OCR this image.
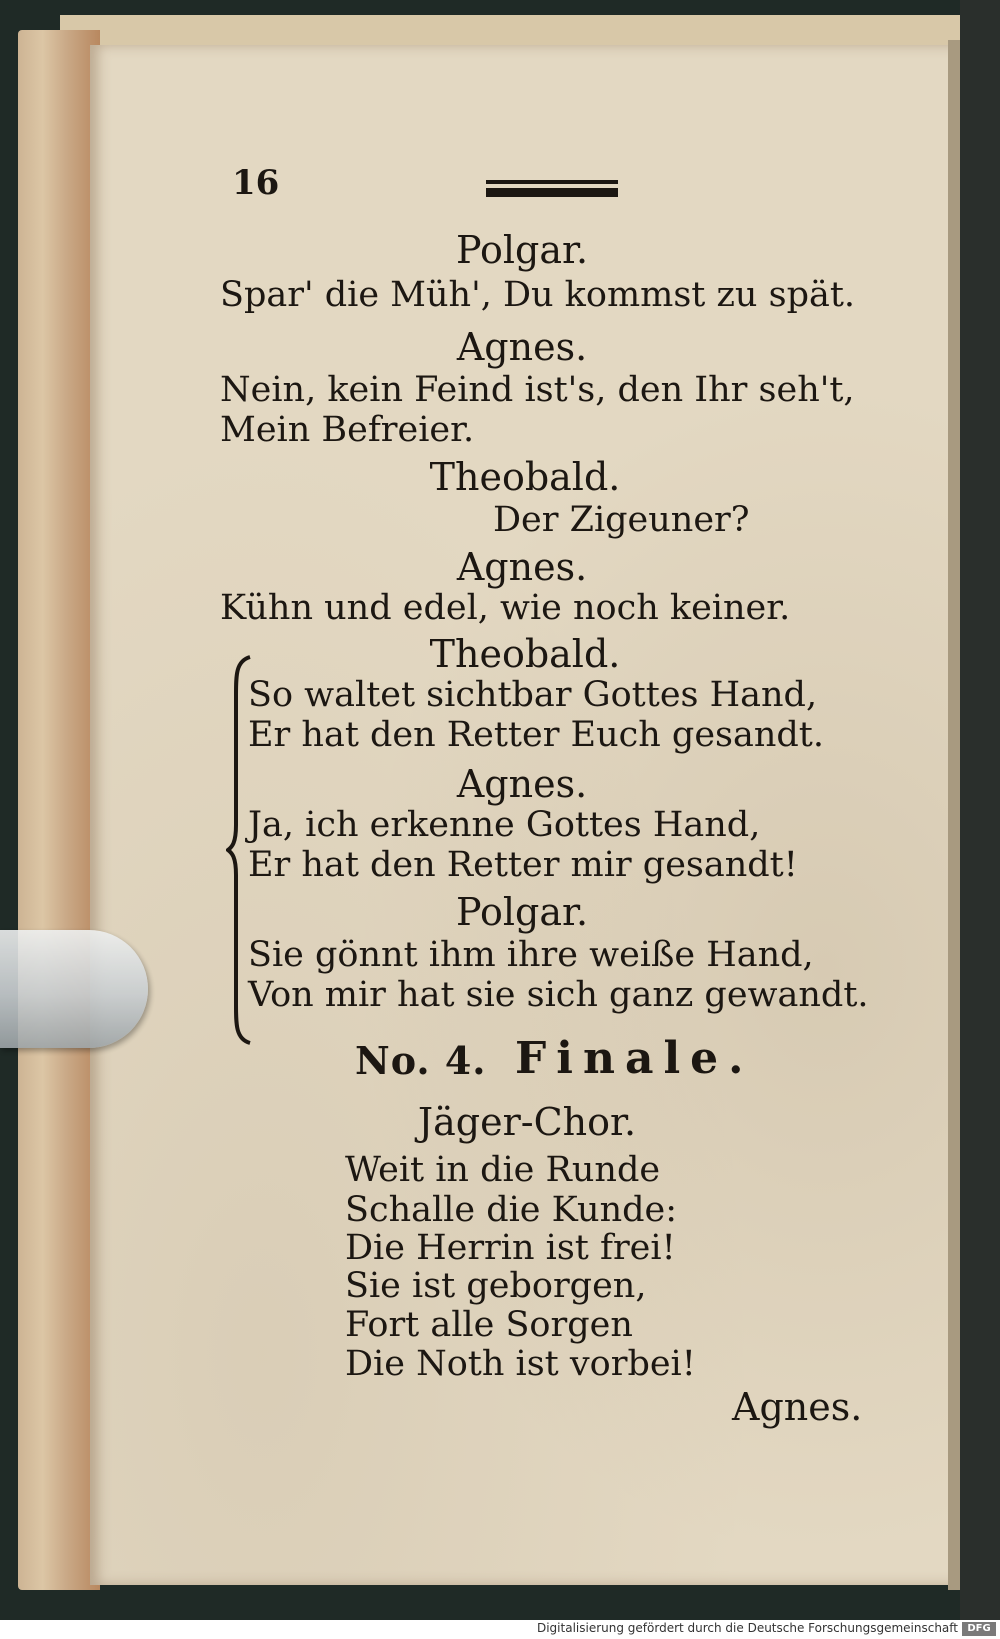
16
Polgar.
Spar' die Müh', Du kommst zu spät.
Agnes.
Nein, kein Feind ist's, den Ihr seh't,
Mein Befreier.
Theobald.
Der Zigeuner?
Agnes.
Kühn und edel, wie noch keiner.
Theobald.
So waltet sichtbar Gottes Hand,
Er hat den Retter Euch gesandt.
Agnes.
Ja, ich erkenne Gottes Hand,
Er hat den Retter mir gesandt!
Polgar.
Sie gönnt ihm ihre weiße Hand,
Von mir hat sie sich ganz gewandt.
No. 4. Finale.
Jäger-Chor.
Weit in die Runde
Schalle die Kunde:
Die Herrin ist frei!
Sie ist geborgen,
Fort alle Sorgen
Die Noth ist vorbei!
Agnes.
Digitalisierung gefördert durch die Deutsche Forschungsgemeinschaft DFG
